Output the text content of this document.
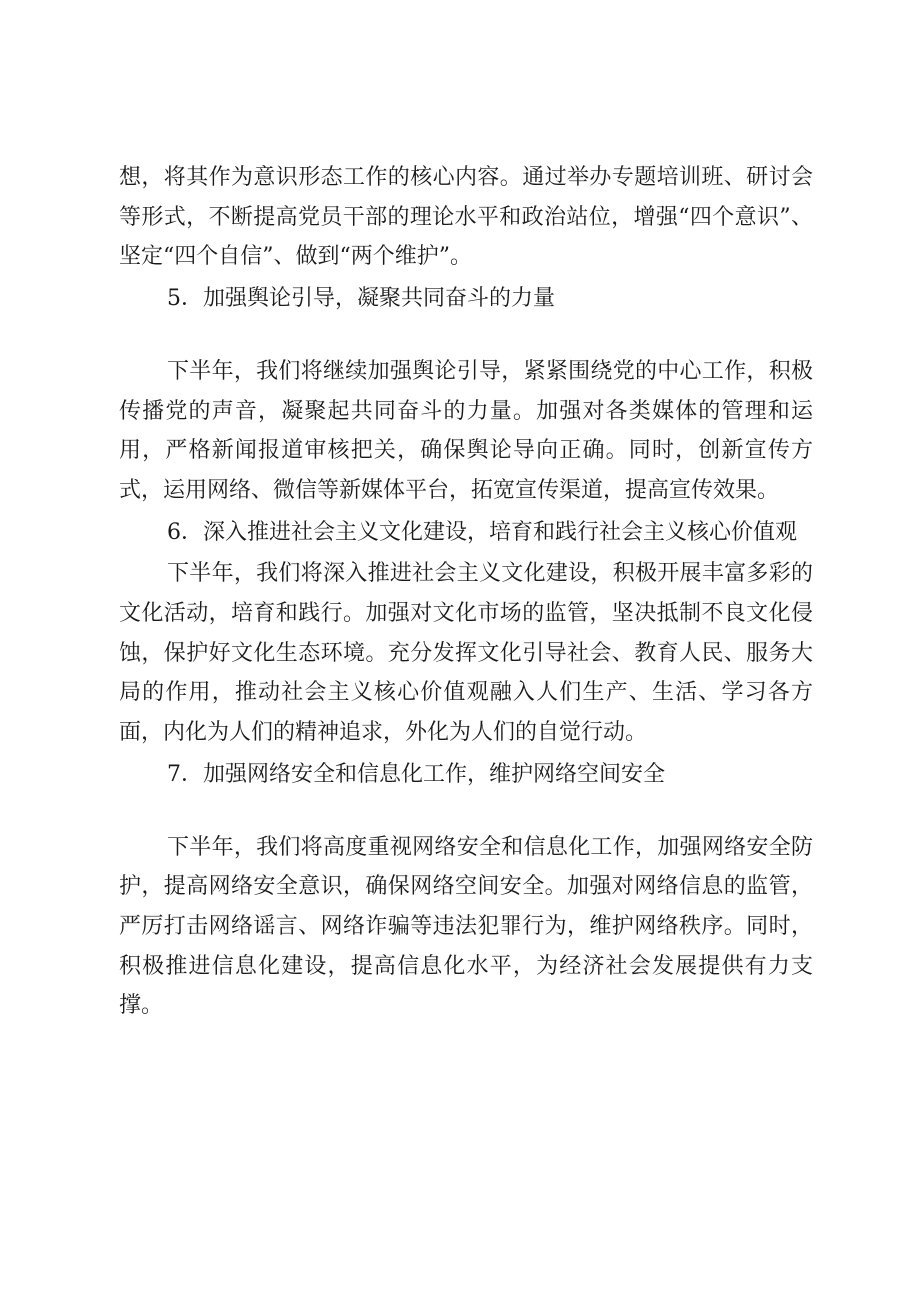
想，将其作为意识形态工作的核心内容。通过举办专题培训班、研讨会等形式，不断提高党员干部的理论水平和政治站位，增强“四个意识”、坚定“四个自信”、做到“两个维护”。

5．加强舆论引导，凝聚共同奋斗的力量

下半年，我们将继续加强舆论引导，紧紧围绕党的中心工作，积极传播党的声音，凝聚起共同奋斗的力量。加强对各类媒体的管理和运用，严格新闻报道审核把关，确保舆论导向正确。同时，创新宣传方式，运用网络、微信等新媒体平台，拓宽宣传渠道，提高宣传效果。

6．深入推进社会主义文化建设，培育和践行社会主义核心价值观

下半年，我们将深入推进社会主义文化建设，积极开展丰富多彩的文化活动，培育和践行。加强对文化市场的监管，坚决抵制不良文化侵蚀，保护好文化生态环境。充分发挥文化引导社会、教育人民、服务大局的作用，推动社会主义核心价值观融入人们生产、生活、学习各方面，内化为人们的精神追求，外化为人们的自觉行动。

7．加强网络安全和信息化工作，维护网络空间安全

下半年，我们将高度重视网络安全和信息化工作，加强网络安全防护，提高网络安全意识，确保网络空间安全。加强对网络信息的监管，严厉打击网络谣言、网络诈骗等违法犯罪行为，维护网络秩序。同时，积极推进信息化建设，提高信息化水平，为经济社会发展提供有力支撑。
